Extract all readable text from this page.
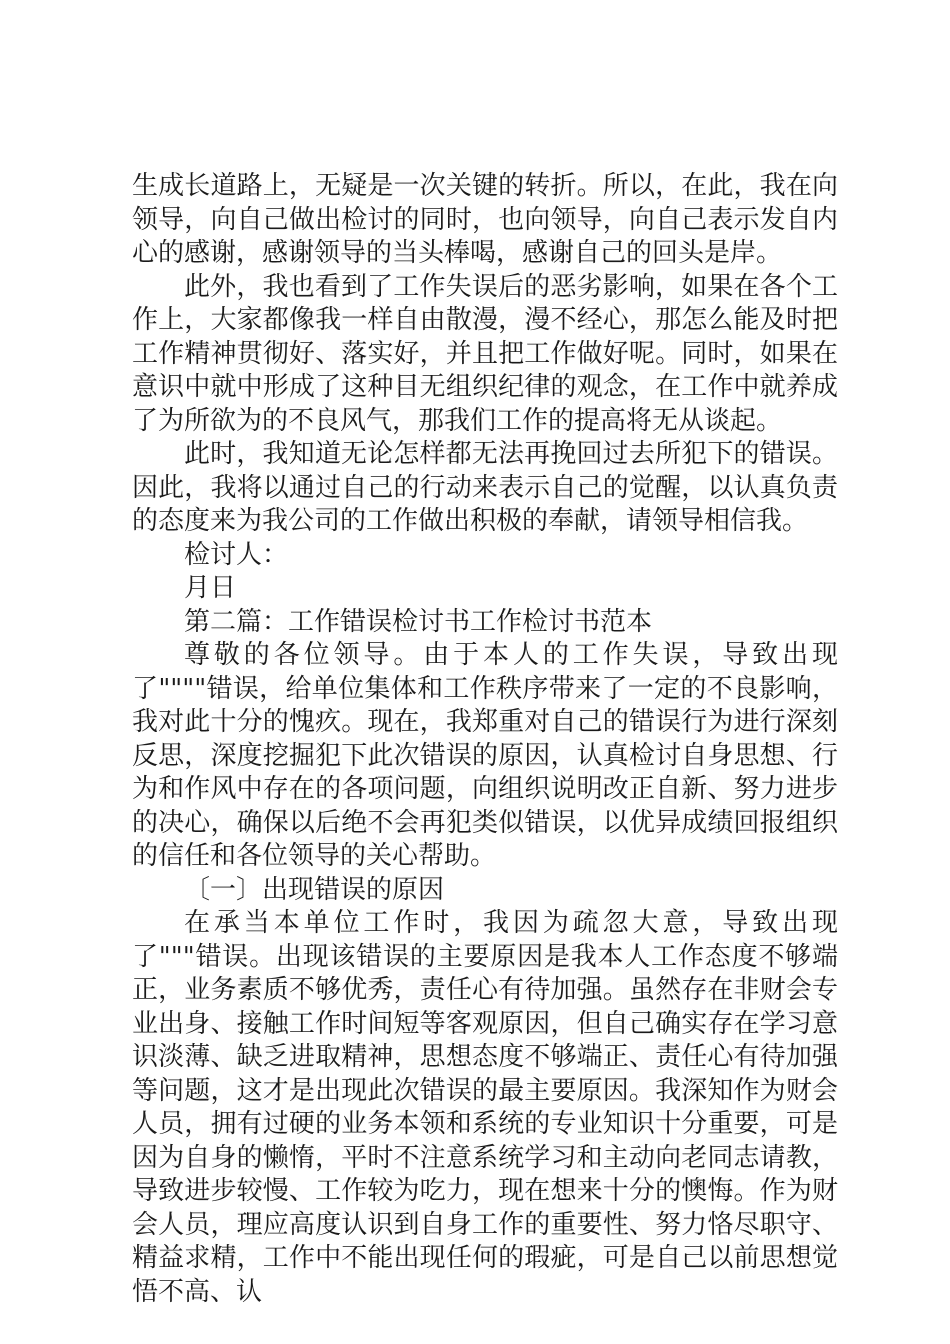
生成长道路上，无疑是一次关键的转折。所以，在此，我在向领导，向自己做出检讨的同时，也向领导，向自己表示发自内心的感谢，感谢领导的当头棒喝，感谢自己的回头是岸。

此外，我也看到了工作失误后的恶劣影响，如果在各个工作上，大家都像我一样自由散漫，漫不经心，那怎么能及时把工作精神贯彻好、落实好，并且把工作做好呢。同时，如果在意识中就中形成了这种目无组织纪律的观念，在工作中就养成了为所欲为的不良风气，那我们工作的提高将无从谈起。

此时，我知道无论怎样都无法再挽回过去所犯下的错误。因此，我将以通过自己的行动来表示自己的觉醒，以认真负责的态度来为我公司的工作做出积极的奉献，请领导相信我。

检讨人：

月日

第二篇：工作错误检讨书工作检讨书范本

尊敬的各位领导。由于本人的工作失误，导致出现了""""错误，给单位集体和工作秩序带来了一定的不良影响，我对此十分的愧疚。现在，我郑重对自己的错误行为进行深刻反思，深度挖掘犯下此次错误的原因，认真检讨自身思想、行为和作风中存在的各项问题，向组织说明改正自新、努力进步的决心，确保以后绝不会再犯类似错误，以优异成绩回报组织的信任和各位领导的关心帮助。

〔一〕出现错误的原因

在承当本单位工作时，我因为疏忽大意，导致出现了"""错误。出现该错误的主要原因是我本人工作态度不够端正，业务素质不够优秀，责任心有待加强。虽然存在非财会专业出身、接触工作时间短等客观原因，但自己确实存在学习意识淡薄、缺乏进取精神，思想态度不够端正、责任心有待加强等问题，这才是出现此次错误的最主要原因。我深知作为财会人员，拥有过硬的业务本领和系统的专业知识十分重要，可是因为自身的懒惰，平时不注意系统学习和主动向老同志请教，导致进步较慢、工作较为吃力，现在想来十分的懊悔。作为财会人员，理应高度认识到自身工作的重要性、努力恪尽职守、精益求精，工作中不能出现任何的瑕疵，可是自己以前思想觉悟不高、认
